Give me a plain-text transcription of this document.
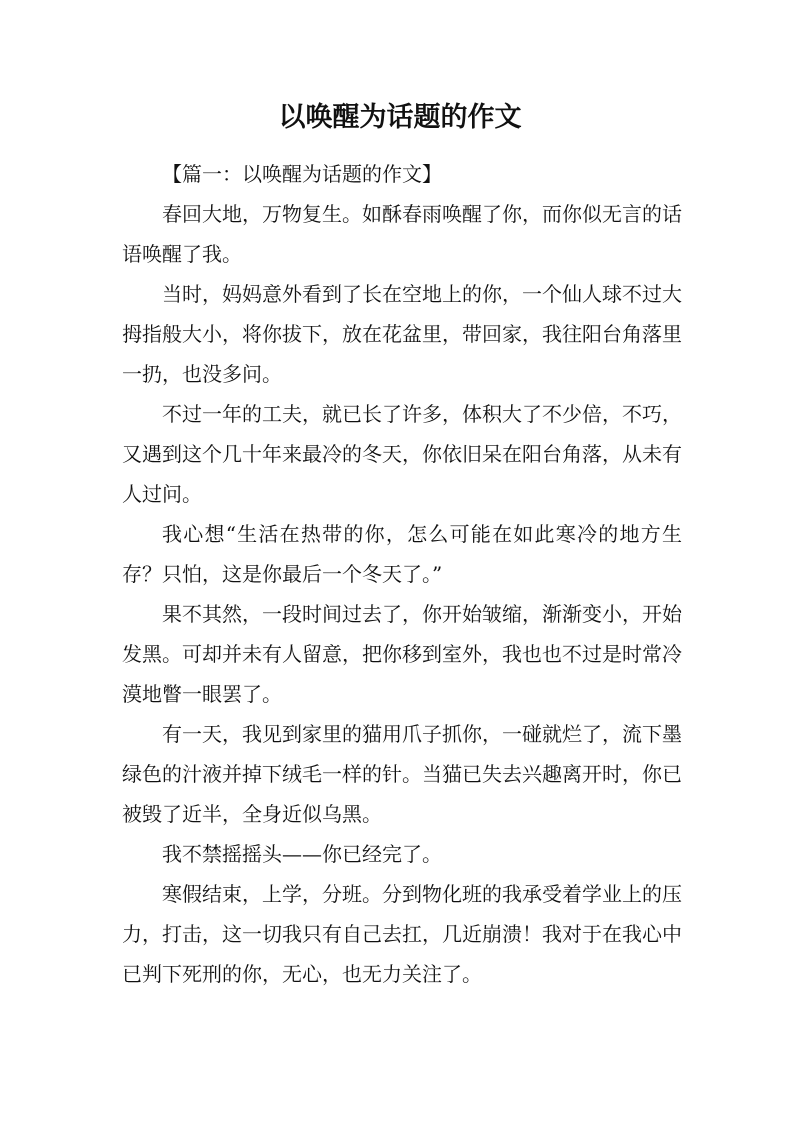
以唤醒为话题的作文

【篇一：以唤醒为话题的作文】

春回大地，万物复生。如酥春雨唤醒了你，而你似无言的话语唤醒了我。

当时，妈妈意外看到了长在空地上的你，一个仙人球不过大拇指般大小，将你拔下，放在花盆里，带回家，我往阳台角落里一扔，也没多问。

不过一年的工夫，就已长了许多，体积大了不少倍，不巧，又遇到这个几十年来最冷的冬天，你依旧呆在阳台角落，从未有人过问。

我心想“生活在热带的你，怎么可能在如此寒冷的地方生存？只怕，这是你最后一个冬天了。”

果不其然，一段时间过去了，你开始皱缩，渐渐变小，开始发黑。可却并未有人留意，把你移到室外，我也也不过是时常冷漠地瞥一眼罢了。

有一天，我见到家里的猫用爪子抓你，一碰就烂了，流下墨绿色的汁液并掉下绒毛一样的针。当猫已失去兴趣离开时，你已被毁了近半，全身近似乌黑。

我不禁摇摇头——你已经完了。

寒假结束，上学，分班。分到物化班的我承受着学业上的压力，打击，这一切我只有自己去扛，几近崩溃！我对于在我心中已判下死刑的你，无心，也无力关注了。
